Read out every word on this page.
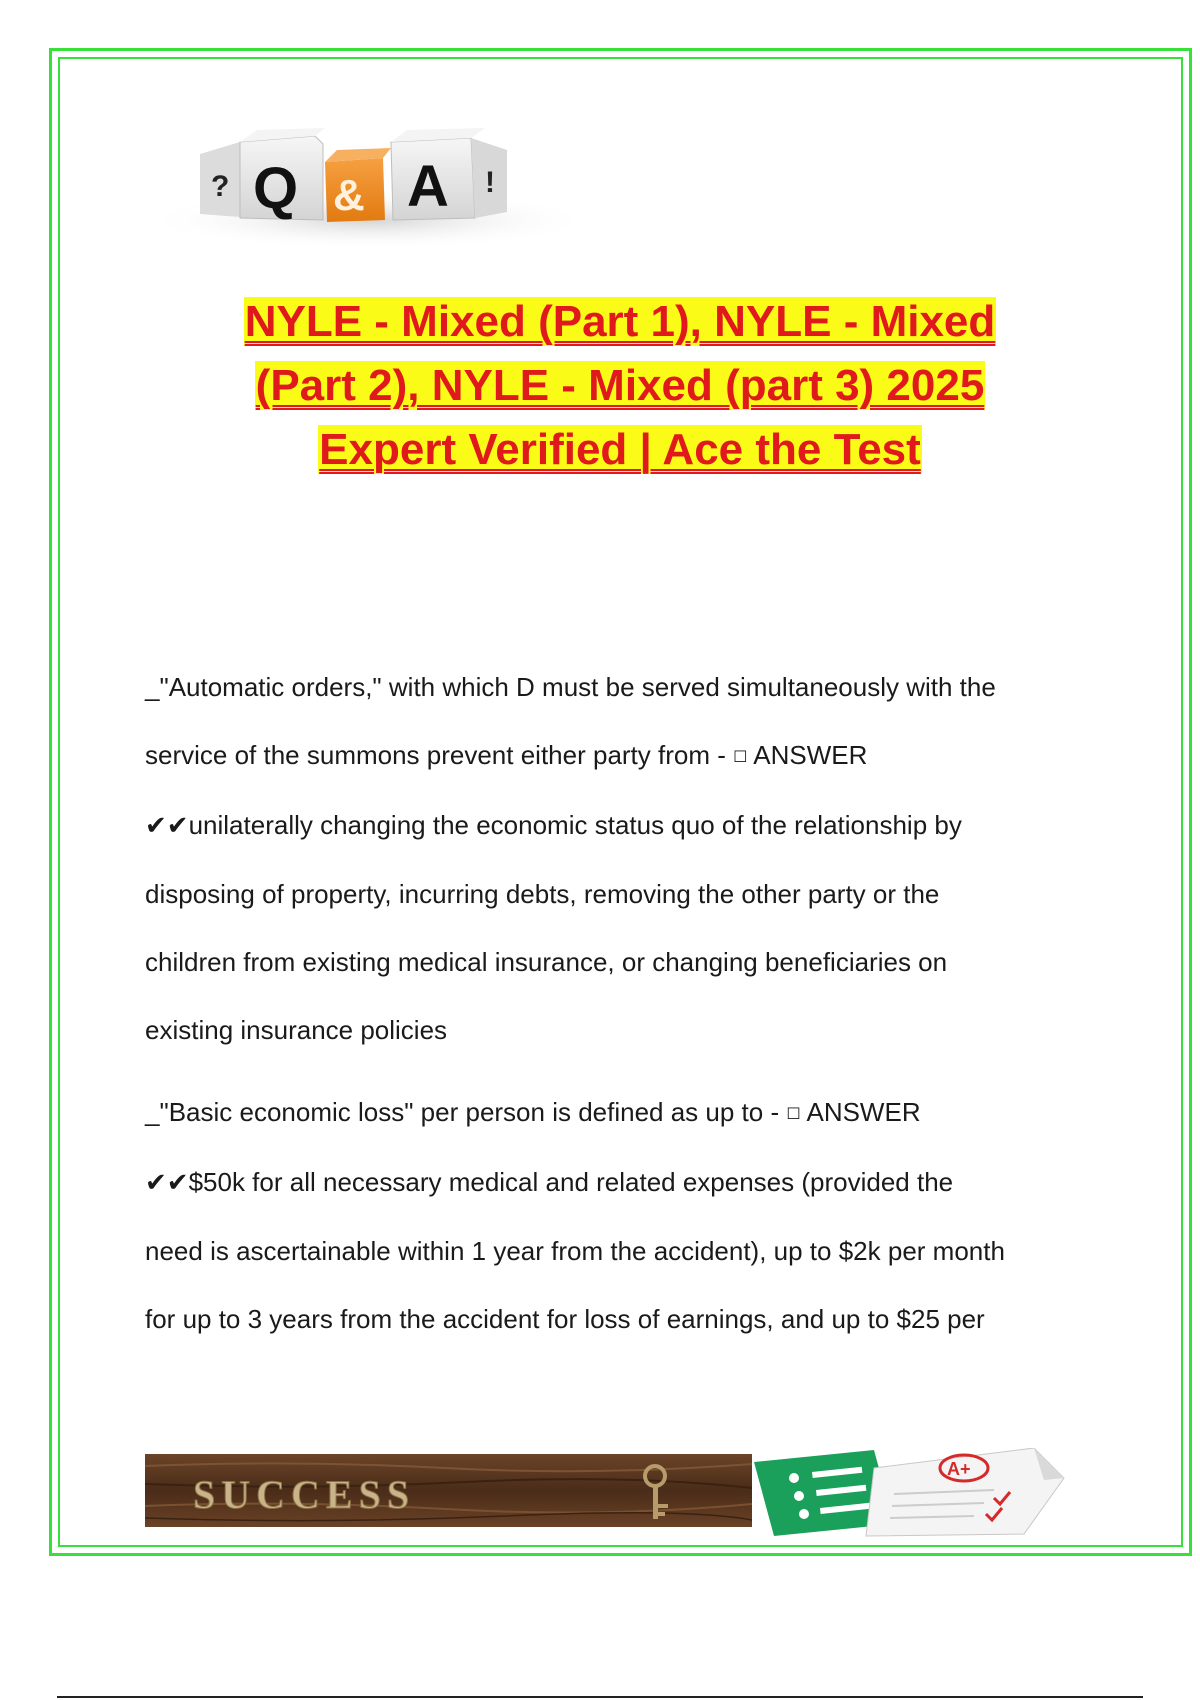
? Q & A !
NYLE - Mixed (Part 1), NYLE - Mixed
(Part 2), NYLE - Mixed (part 3) 2025
Expert Verified | Ace the Test
_"Automatic orders," with which D must be served simultaneously with the
service of the summons prevent either party from - ☐ ANSWER
✔✔unilaterally changing the economic status quo of the relationship by
disposing of property, incurring debts, removing the other party or the
children from existing medical insurance, or changing beneficiaries on
existing insurance policies
_"Basic economic loss" per person is defined as up to - ☐ ANSWER
✔✔$50k for all necessary medical and related expenses (provided the
need is ascertainable within 1 year from the accident), up to $2k per month
for up to 3 years from the accident for loss of earnings, and up to $25 per
SUCCESS
A+
